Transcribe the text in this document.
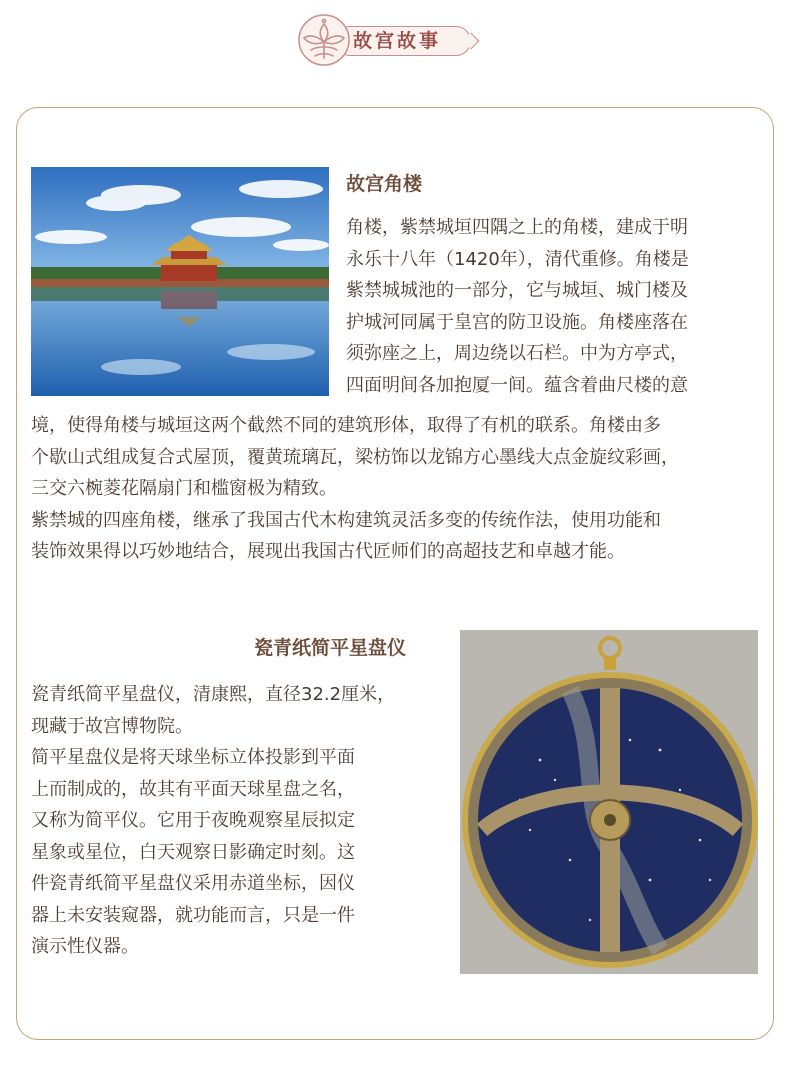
故宫故事
故宫角楼
角楼，紫禁城垣四隅之上的角楼，建成于明
永乐十八年（1420年），清代重修。角楼是
紫禁城城池的一部分，它与城垣、城门楼及
护城河同属于皇宫的防卫设施。角楼座落在
须弥座之上，周边绕以石栏。中为方亭式，
四面明间各加抱厦一间。蕴含着曲尺楼的意
境，使得角楼与城垣这两个截然不同的建筑形体，取得了有机的联系。角楼由多
个歇山式组成复合式屋顶，覆黄琉璃瓦，梁枋饰以龙锦方心墨线大点金旋纹彩画，
三交六椀菱花隔扇门和槛窗极为精致。
紫禁城的四座角楼，继承了我国古代木构建筑灵活多变的传统作法，使用功能和
装饰效果得以巧妙地结合，展现出我国古代匠师们的高超技艺和卓越才能。
瓷青纸简平星盘仪
瓷青纸简平星盘仪，清康熙，直径32.2厘米，
现藏于故宫博物院。
简平星盘仪是将天球坐标立体投影到平面
上而制成的，故其有平面天球星盘之名，
又称为简平仪。它用于夜晚观察星辰拟定
星象或星位，白天观察日影确定时刻。这
件瓷青纸简平星盘仪采用赤道坐标，因仪
器上未安装窥器，就功能而言，只是一件
演示性仪器。
